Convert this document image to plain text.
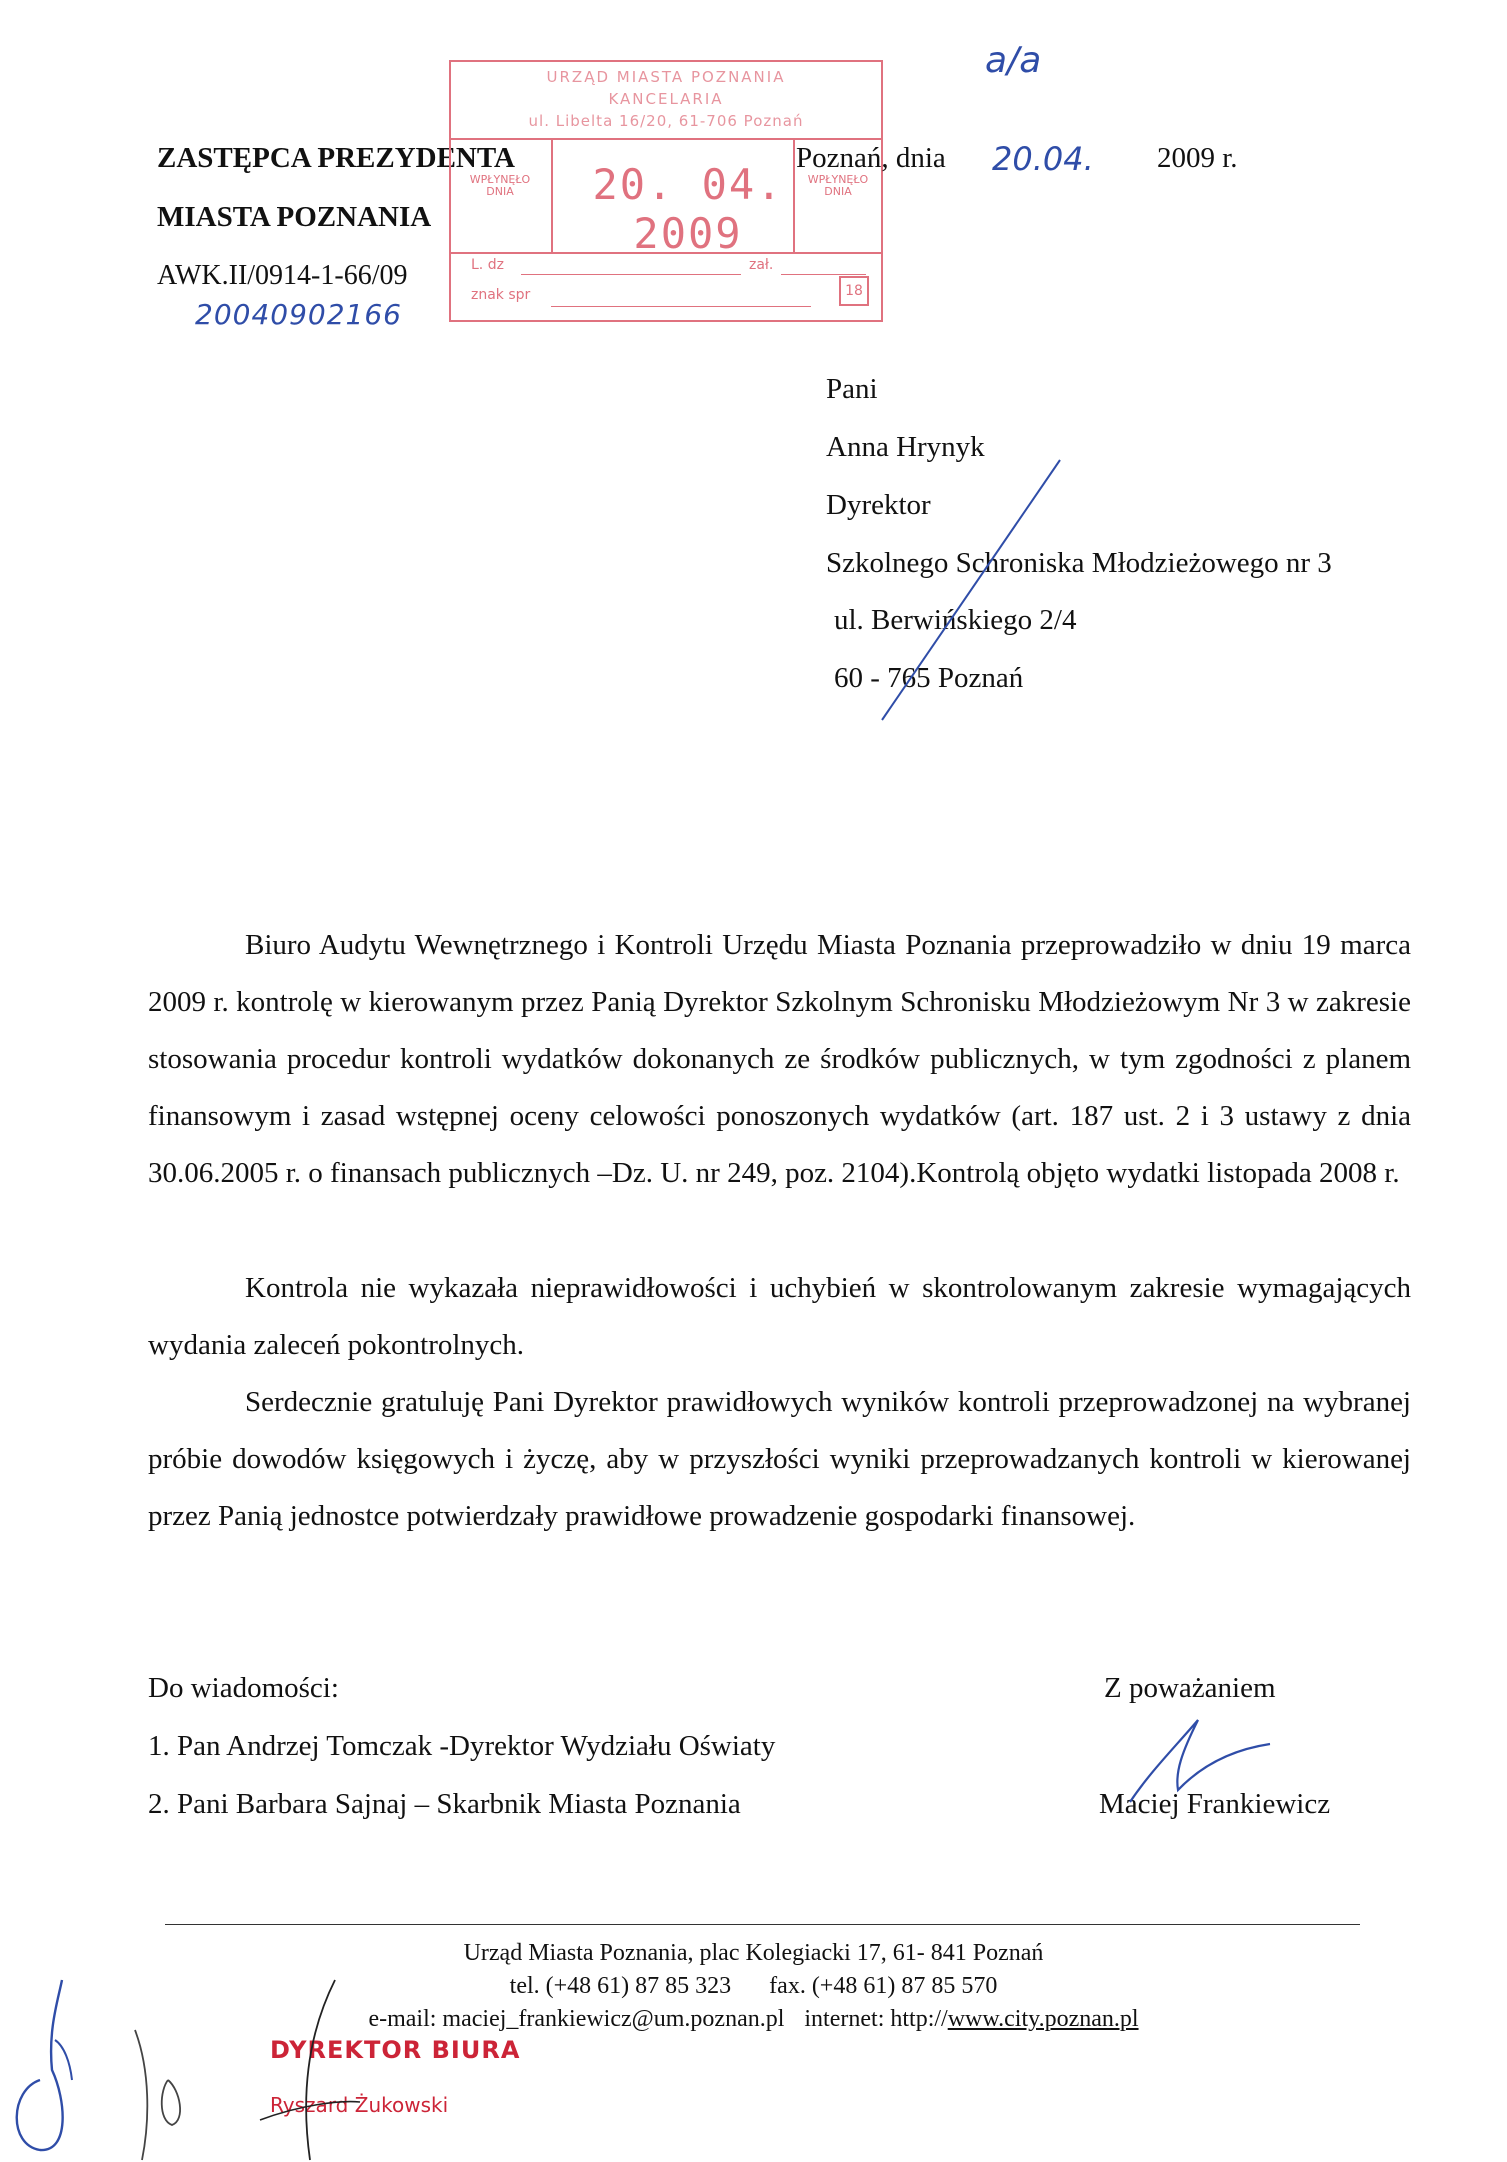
ZASTĘPCA PREZYDENTA
MIASTA POZNANIA
AWK.II/0914-1-66/09
20040902166
URZĄD MIASTA POZNANIA
KANCELARIA
ul. Libelta 16/20, 61-706 Poznań
WPŁYNĘŁO DNIA	20. 04. 2009
WPŁYNĘŁO DNIA
L. dz	zał.
znak spr	18
Poznań, dnia 20.04. 2009 r.
a/a
Pani
Anna Hrynyk
Dyrektor
Szkolnego Schroniska Młodzieżowego nr 3
ul. Berwińskiego 2/4
60 - 765 Poznań

Biuro Audytu Wewnętrznego i Kontroli Urzędu Miasta Poznania przeprowadziło w dniu 19 marca 2009 r. kontrolę w kierowanym przez Panią Dyrektor Szkolnym Schronisku Młodzieżowym Nr 3 w zakresie stosowania procedur kontroli wydatków dokonanych ze środków publicznych, w tym zgodności z planem finansowym i zasad wstępnej oceny celowości ponoszonych wydatków (art. 187 ust. 2 i 3 ustawy z dnia 30.06.2005 r. o finansach publicznych –Dz. U. nr 249, poz. 2104).Kontrolą objęto wydatki listopada 2008 r.

Kontrola nie wykazała nieprawidłowości i uchybień w skontrolowanym zakresie wymagających wydania zaleceń pokontrolnych.

Serdecznie gratuluję Pani Dyrektor prawidłowych wyników kontroli przeprowadzonej na wybranej próbie dowodów księgowych i życzę, aby w przyszłości wyniki przeprowadzanych kontroli w kierowanej przez Panią jednostce potwierdzały prawidłowe prowadzenie gospodarki finansowej.

Do wiadomości:
1. Pan Andrzej Tomczak -Dyrektor Wydziału Oświaty
2. Pani Barbara Sajnaj – Skarbnik Miasta Poznania
Z poważaniem
Maciej Frankiewicz
Urząd Miasta Poznania, plac Kolegiacki 17, 61- 841 Poznań
tel. (+48 61) 87 85 323 fax. (+48 61) 87 85 570
e-mail: maciej_frankiewicz@um.poznan.pl internet: http://www.city.poznan.pl
DYREKTOR BIURA
Ryszard Żukowski
